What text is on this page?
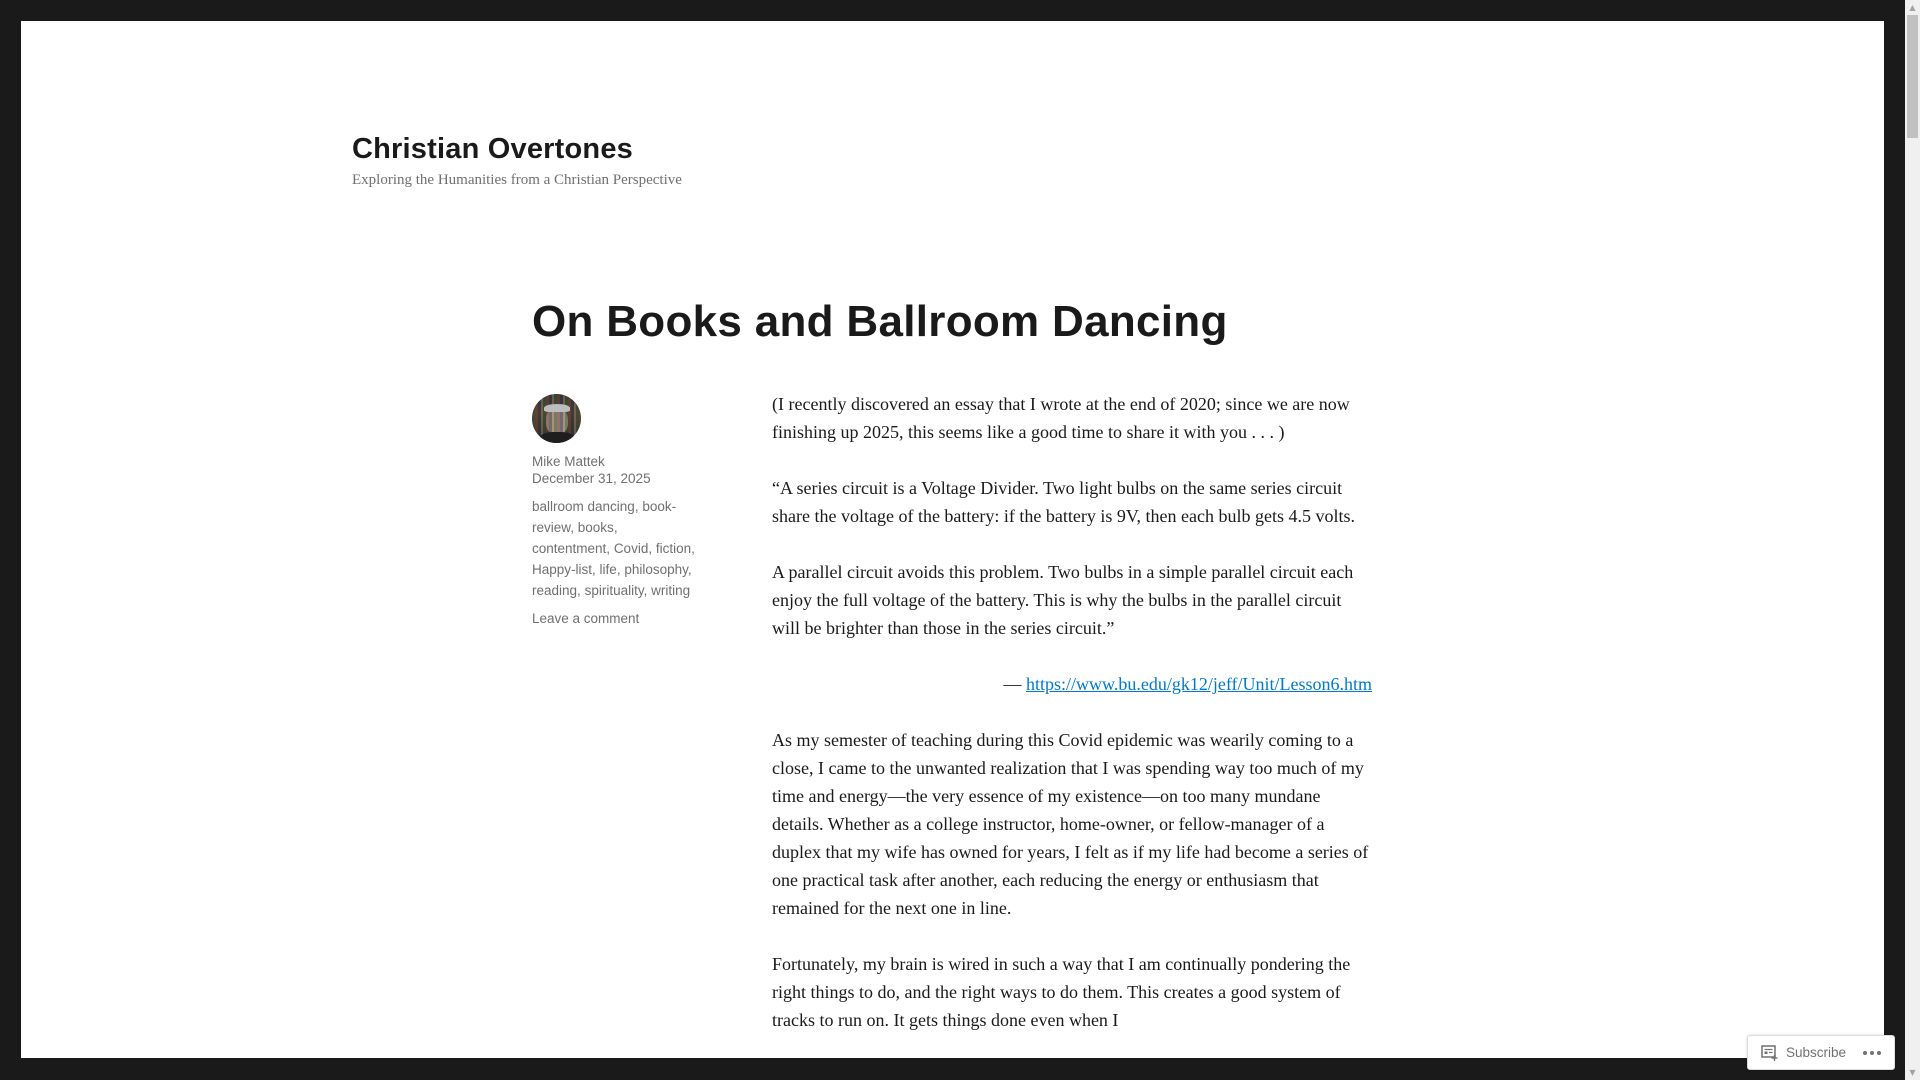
Christian Overtones
Exploring the Humanities from a Christian Perspective
On Books and Ballroom Dancing
Mike Mattek
December 31, 2025
ballroom dancing, book-
review, books,
contentment, Covid, fiction,
Happy-list, life, philosophy,
reading, spirituality, writing
Leave a comment

(I recently discovered an essay that I wrote at the end of 2020; since we are now finishing up 2025, this seems like a good time to share it with you . . . )

“A series circuit is a Voltage Divider. Two light bulbs on the same series circuit share the voltage of the battery: if the battery is 9V, then each bulb gets 4.5 volts.

A parallel circuit avoids this problem. Two bulbs in a simple parallel circuit each enjoy the full voltage of the battery. This is why the bulbs in the parallel circuit will be brighter than those in the series circuit.”

— https://www.bu.edu/gk12/jeff/Unit/Lesson6.htm

As my semester of teaching during this Covid epidemic was wearily coming to a close, I came to the unwanted realization that I was spending way too much of my time and energy—the very essence of my existence—on too many mundane details. Whether as a college instructor, home-owner, or fellow-manager of a duplex that my wife has owned for years, I felt as if my life had become a series of one practical task after another, each reducing the energy or enthusiasm that remained for the next one in line.

Fortunately, my brain is wired in such a way that I am continually pondering the right things to do, and the right ways to do them. This creates a good system of tracks to run on. It gets things done even when I

▲
▼
Subscribe
